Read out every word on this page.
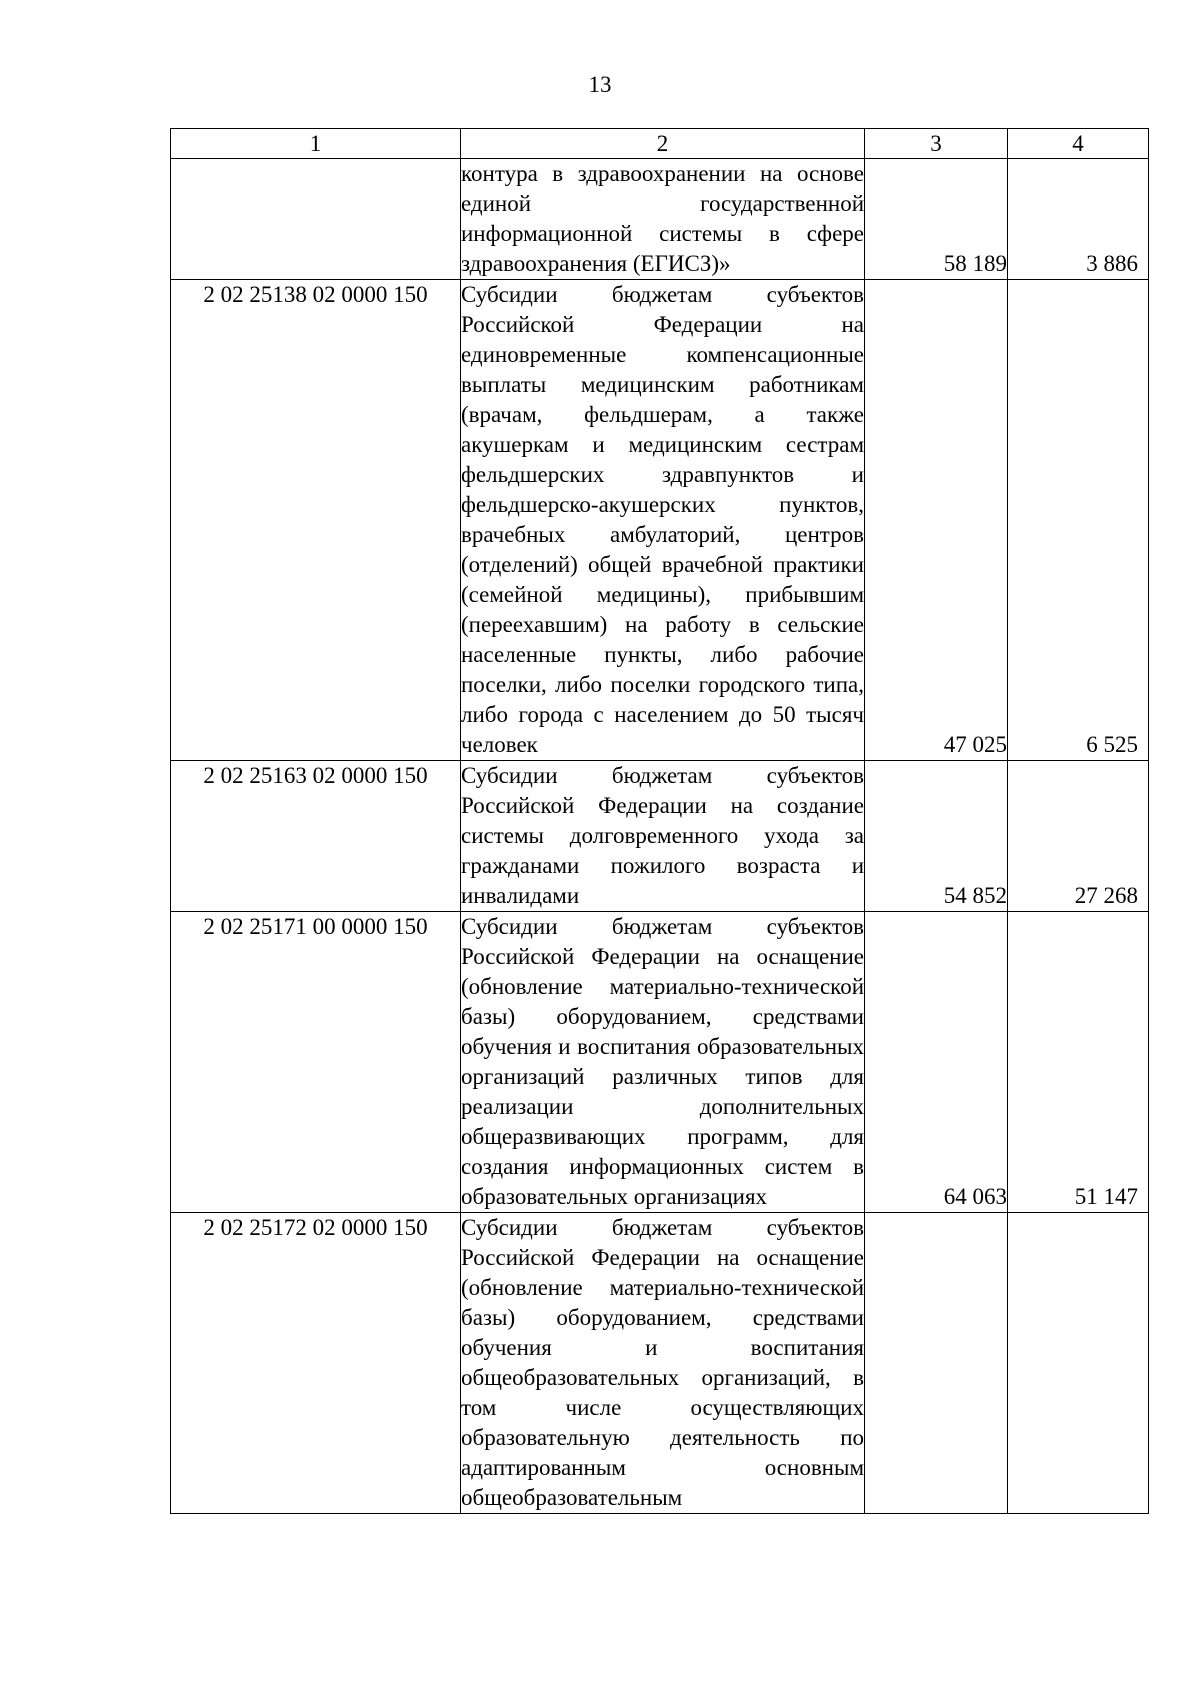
13
1	2	3	4
	контура в здравоохранении на основе единой государственной информационной системы в сфере здравоохранения (ЕГИСЗ)»	58 189	3 886
2 02 25138 02 0000 150	Субсидии бюджетам субъектов Российской Федерации на единовременные компенсационные выплаты медицинским работникам (врачам, фельдшерам, а также акушеркам и медицинским сестрам фельдшерских здравпунктов и фельдшерско-акушерских пунктов, врачебных амбулаторий, центров (отделений) общей врачебной практики (семейной медицины), прибывшим (переехавшим) на работу в сельские населенные пункты, либо рабочие поселки, либо поселки городского типа, либо города с населением до 50 тысяч человек	47 025	6 525
2 02 25163 02 0000 150	Субсидии бюджетам субъектов Российской Федерации на создание системы долговременного ухода за гражданами пожилого возраста и инвалидами	54 852	27 268
2 02 25171 00 0000 150	Субсидии бюджетам субъектов Российской Федерации на оснащение (обновление материально-технической базы) оборудованием, средствами обучения и воспитания образовательных организаций различных типов для реализации дополнительных общеразвивающих программ, для создания информационных систем в образовательных организациях	64 063	51 147
2 02 25172 02 0000 150	Субсидии бюджетам субъектов Российской Федерации на оснащение (обновление материально-технической базы) оборудованием, средствами обучения и воспитания общеобразовательных организаций, в том числе осуществляющих образовательную деятельность по адаптированным основным общеобразовательным		
